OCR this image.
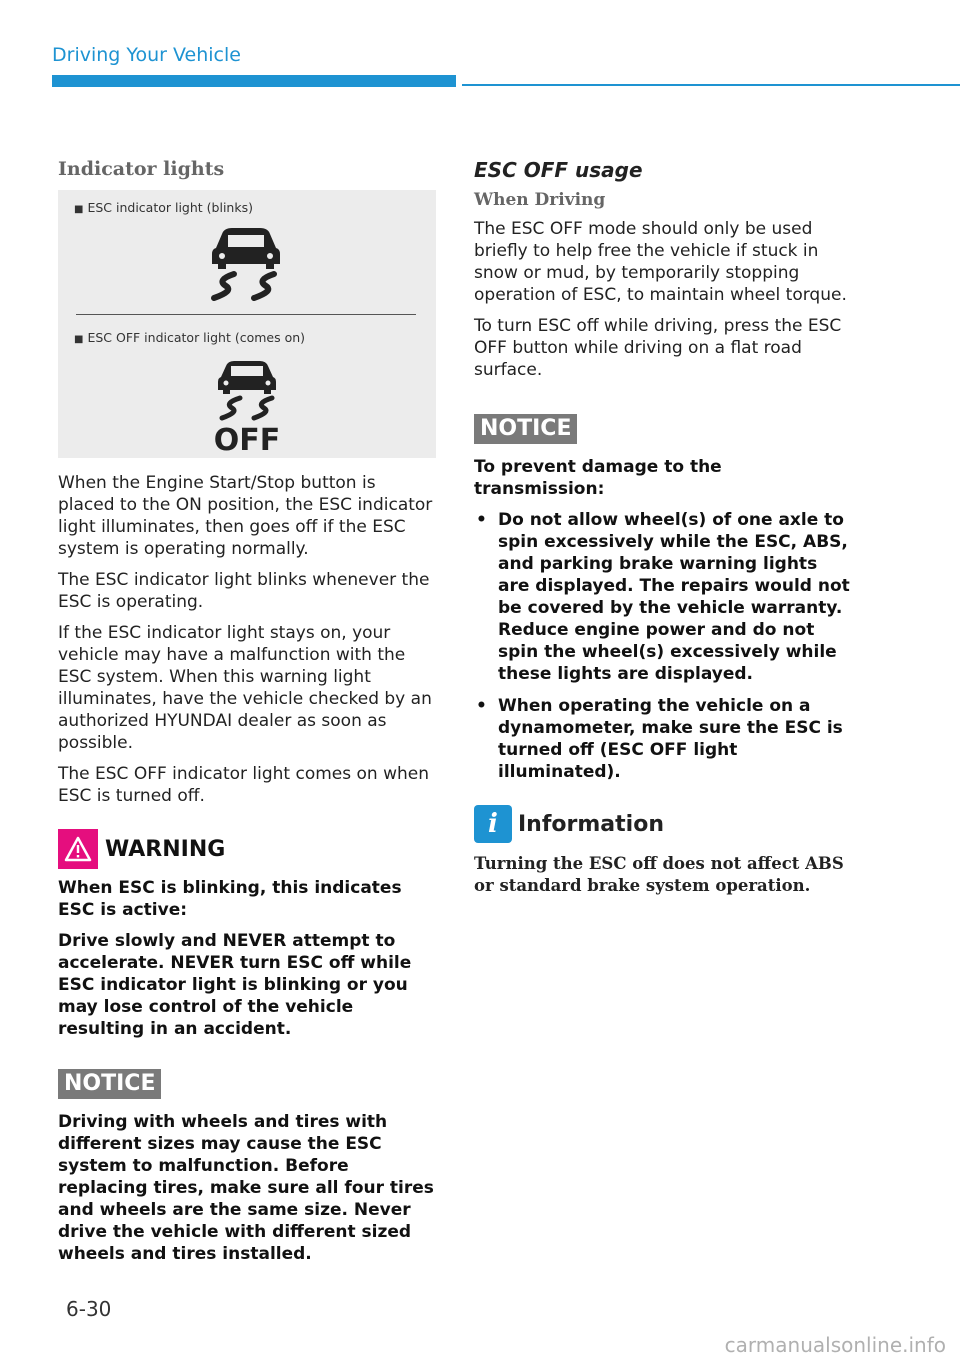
Driving Your Vehicle
Indicator lights
■ ESC indicator light (blinks)
■ ESC OFF indicator light (comes on)
OFF

When the Engine Start/Stop button is placed to the ON position, the ESC indicator light illuminates, then goes off if the ESC system is operating normally.

The ESC indicator light blinks whenever the ESC is operating.

If the ESC indicator light stays on, your vehicle may have a malfunction with the ESC system. When this warning light illuminates, have the vehicle checked by an authorized HYUNDAI dealer as soon as possible.

The ESC OFF indicator light comes on when ESC is turned off.

WARNING

When ESC is blinking, this indicates ESC is active:

Drive slowly and NEVER attempt to accelerate. NEVER turn ESC off while ESC indicator light is blinking or you may lose control of the vehicle resulting in an accident.

NOTICE

Driving with wheels and tires with different sizes may cause the ESC system to malfunction. Before replacing tires, make sure all four tires and wheels are the same size. Never drive the vehicle with different sized wheels and tires installed.

ESC OFF usage
When Driving

The ESC OFF mode should only be used briefly to help free the vehicle if stuck in snow or mud, by temporarily stopping operation of ESC, to maintain wheel torque.

To turn ESC off while driving, press the ESC OFF button while driving on a flat road surface.

NOTICE

To prevent damage to the transmission:

• Do not allow wheel(s) of one axle to spin excessively while the ESC, ABS, and parking brake warning lights are displayed. The repairs would not be covered by the vehicle warranty. Reduce engine power and do not spin the wheel(s) excessively while these lights are displayed.
• When operating the vehicle on a dynamometer, make sure the ESC is turned off (ESC OFF light illuminated).
i Information

Turning the ESC off does not affect ABS or standard brake system operation.

6-30
carmanualsonline.info
